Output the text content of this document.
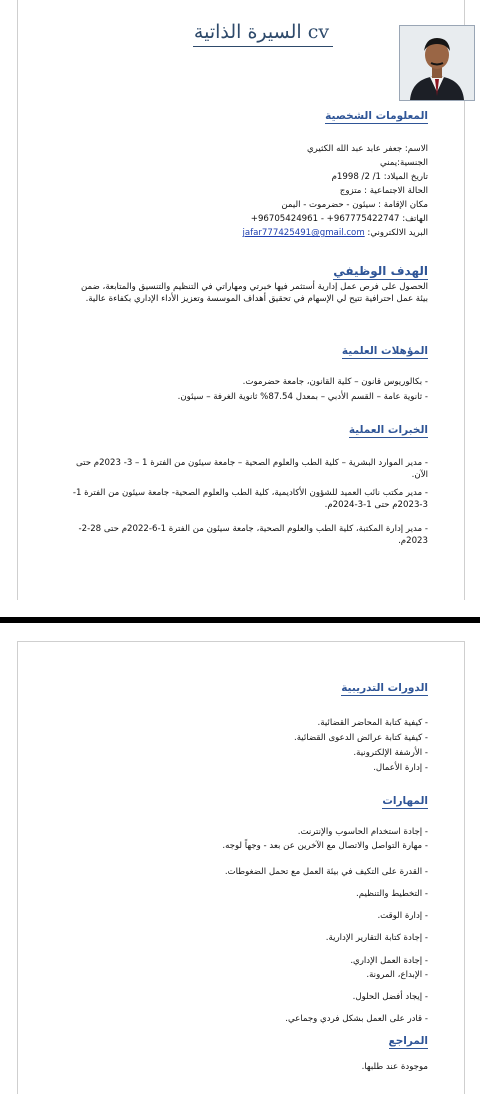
السيرة الذاتية cv
المعلومات الشخصية
الاسم: جعفر عابد عبد الله الكثيري
الجنسية:يمني
تاريخ الميلاد: 1/ 2/ 1998م
الحالة الاجتماعية : متزوج
مكان الإقامة : سيئون - حضرموت - اليمن
الهاتف: 967775422747+ - 96705424961+
البريد الالكتروني: jafar777425491@gmail.com
الهدف الوظيفي
الحصول على فرص عمل إدارية أستثمر فيها خبرتي ومهاراتي في التنظيم والتنسيق والمتابعة، ضمن بيئة عمل احترافية تتيح لي الإسهام في تحقيق أهداف الموسسة وتعزيز الأداء الإداري بكفاءة عالية.
المؤهلات العلمية
- بكالوريوس قانون – كلية القانون، جامعة حضرموت.
- ثانوية عامة – القسم الأدبي – بمعدل 87.54% ثانوية الغرفة – سيئون.
الخبرات العملية
- مدير الموارد البشرية – كلية الطب والعلوم الصحية – جامعة سيئون من الفترة 1 – 3- 2023م حتى الآن.
- مدير مكتب نائب العميد للشؤون الأكاديمية، كلية الطب والعلوم الصحية- جامعة سيئون من الفترة 1-3-2023م حتى 1-3-2024م.
- مدير إدارة المكتبة، كلية الطب والعلوم الصحية، جامعة سيئون من الفترة 1-6-2022م حتى 28-2-2023م.
الدورات التدريبية
- كيفية كتابة المحاضر القضائية.
- كيفية كتابة عرائض الدعوى القضائية.
- الأرشفة الإلكترونية.
- إدارة الأعمال.
المهارات
- إجادة استخدام الحاسوب والإنترنت.
- مهارة التواصل والاتصال مع الآخرين عن بعد - وجهاً لوجه.
- القدرة على التكيف في بيئة العمل مع تحمل الضغوطات.
- التخطيط والتنظيم.
- إدارة الوقت.
- إجادة كتابة التقارير الإدارية.
- إجادة العمل الإداري.
- الإبداع، المرونة.
- إيجاد أفضل الحلول.
- قادر على العمل بشكل فردي وجماعي.
المراجع
موجودة عند طلبها.
